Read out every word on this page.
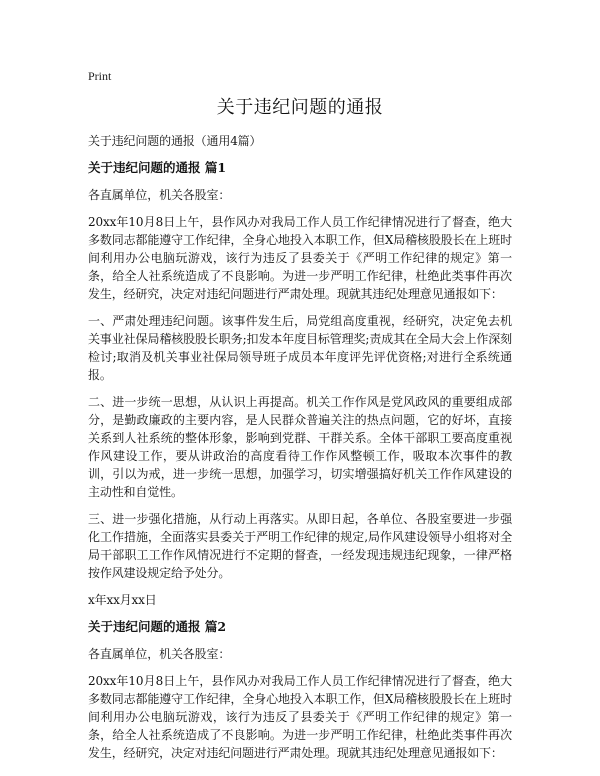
Print
关于违纪问题的通报
关于违纪问题的通报（通用4篇）
关于违纪问题的通报 篇1
各直属单位，机关各股室：
20xx年10月8日上午，县作风办对我局工作人员工作纪律情况进行了督查，绝大多数同志都能遵守工作纪律，全身心地投入本职工作，但X局稽核股股长在上班时间利用办公电脑玩游戏，该行为违反了县委关于《严明工作纪律的规定》第一条，给全人社系统造成了不良影响。为进一步严明工作纪律，杜绝此类事件再次发生，经研究，决定对违纪问题进行严肃处理。现就其违纪处理意见通报如下：
一、严肃处理违纪问题。该事件发生后，局党组高度重视，经研究，决定免去机关事业社保局稽核股股长职务;扣发本年度目标管理奖;责成其在全局大会上作深刻检讨;取消及机关事业社保局领导班子成员本年度评先评优资格;对进行全系统通报。
二、进一步统一思想，从认识上再提高。机关工作作风是党风政风的重要组成部分，是勤政廉政的主要内容，是人民群众普遍关注的热点问题，它的好坏，直接关系到人社系统的整体形象，影响到党群、干群关系。全体干部职工要高度重视作风建设工作，要从讲政治的高度看待工作作风整顿工作，吸取本次事件的教训，引以为戒，进一步统一思想，加强学习，切实增强搞好机关工作作风建设的主动性和自觉性。
三、进一步强化措施，从行动上再落实。从即日起，各单位、各股室要进一步强化工作措施，全面落实县委关于严明工作纪律的规定,局作风建设领导小组将对全局干部职工工作作风情况进行不定期的督查，一经发现违规违纪现象，一律严格按作风建设规定给予处分。
x年xx月xx日
关于违纪问题的通报 篇2
各直属单位，机关各股室：
20xx年10月8日上午，县作风办对我局工作人员工作纪律情况进行了督查，绝大多数同志都能遵守工作纪律，全身心地投入本职工作，但X局稽核股股长在上班时间利用办公电脑玩游戏，该行为违反了县委关于《严明工作纪律的规定》第一条，给全人社系统造成了不良影响。为进一步严明工作纪律，杜绝此类事件再次发生，经研究，决定对违纪问题进行严肃处理。现就其违纪处理意见通报如下：
